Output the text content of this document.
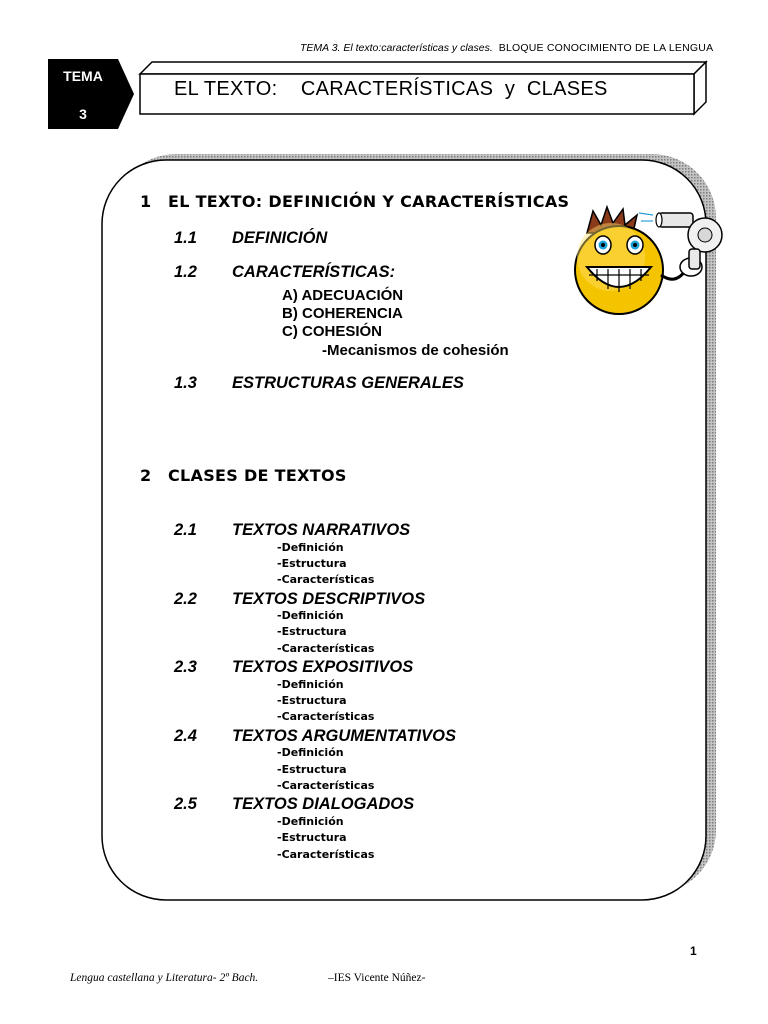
TEMA 3. El texto:características y clases. BLOQUE CONOCIMIENTO DE LA LENGUA
TEMA
3
EL TEXTO:    CARACTERÍSTICAS  y  CLASES
1 EL TEXTO: DEFINICIÓN Y CARACTERÍSTICAS
1.1 DEFINICIÓN
1.2 CARACTERÍSTICAS:
A) ADECUACIÓN
B) COHERENCIA
C) COHESIÓN
-Mecanismos de cohesión
1.3 ESTRUCTURAS GENERALES
2 CLASES DE TEXTOS
2.1 TEXTOS NARRATIVOS
-Definición
-Estructura
-Características
2.2 TEXTOS DESCRIPTIVOS
-Definición
-Estructura
-Características
2.3 TEXTOS EXPOSITIVOS
-Definición
-Estructura
-Características
2.4 TEXTOS ARGUMENTATIVOS
-Definición
-Estructura
-Características
2.5 TEXTOS DIALOGADOS
-Definición
-Estructura
-Características
1
Lengua castellana y Literatura- 2º Bach.	–IES Vicente Núñez-
